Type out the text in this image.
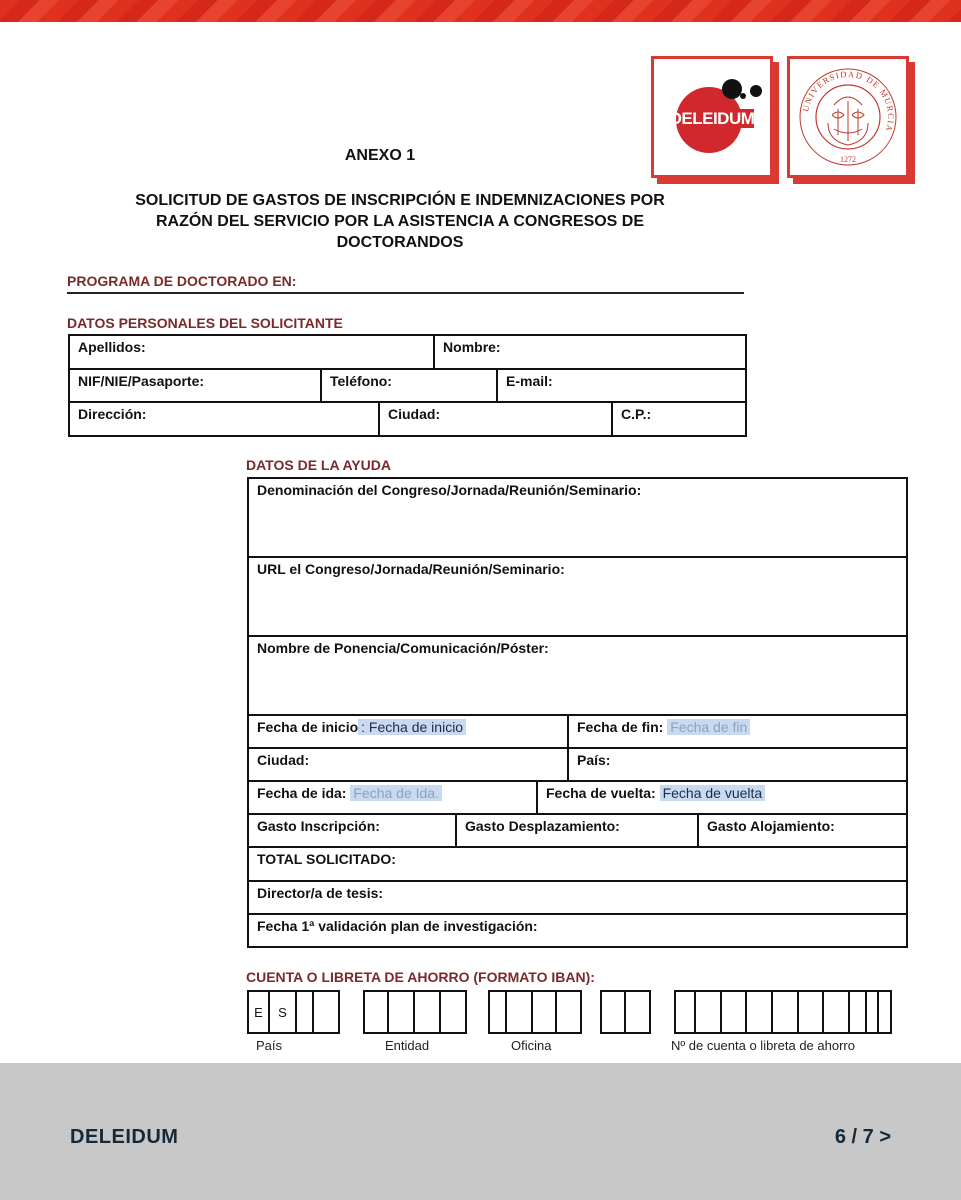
DELEIDUM
UNIVERSIDAD DE MURCIA
1272
ANEXO 1
SOLICITUD DE GASTOS DE INSCRIPCIÓN E INDEMNIZACIONES POR
RAZÓN DEL SERVICIO POR LA ASISTENCIA A CONGRESOS DE
DOCTORANDOS
PROGRAMA DE DOCTORADO EN:
DATOS PERSONALES DEL SOLICITANTE
Apellidos:			Nombre:		
NIF/NIE/Pasaporte:	Teléfono:			E-mail:	
Dirección:		Ciudad:			C.P.:
DATOS DE LA AYUDA
Denominación del Congreso/Jornada/Reunión/Seminario:				
URL el Congreso/Jornada/Reunión/Seminario:				
Nombre de Ponencia/Comunicación/Póster:				
Fecha de inicio : Fecha de inicio			Fecha de fin: Fecha de fin	
Ciudad:			País:	
Fecha de ida: Fecha de Ida.		Fecha de vuelta: Fecha de vuelta		
Gasto Inscripción:	Gasto Desplazamiento:			Gasto Alojamiento:
TOTAL SOLICITADO:				
Director/a de tesis:				
Fecha 1ª validación plan de investigación:				
CUENTA O LIBRETA DE AHORRO (FORMATO IBAN):
E S
País	Entidad	Oficina	Nº de cuenta o libreta de ahorro
DELEIDUM	6 / 7 >
